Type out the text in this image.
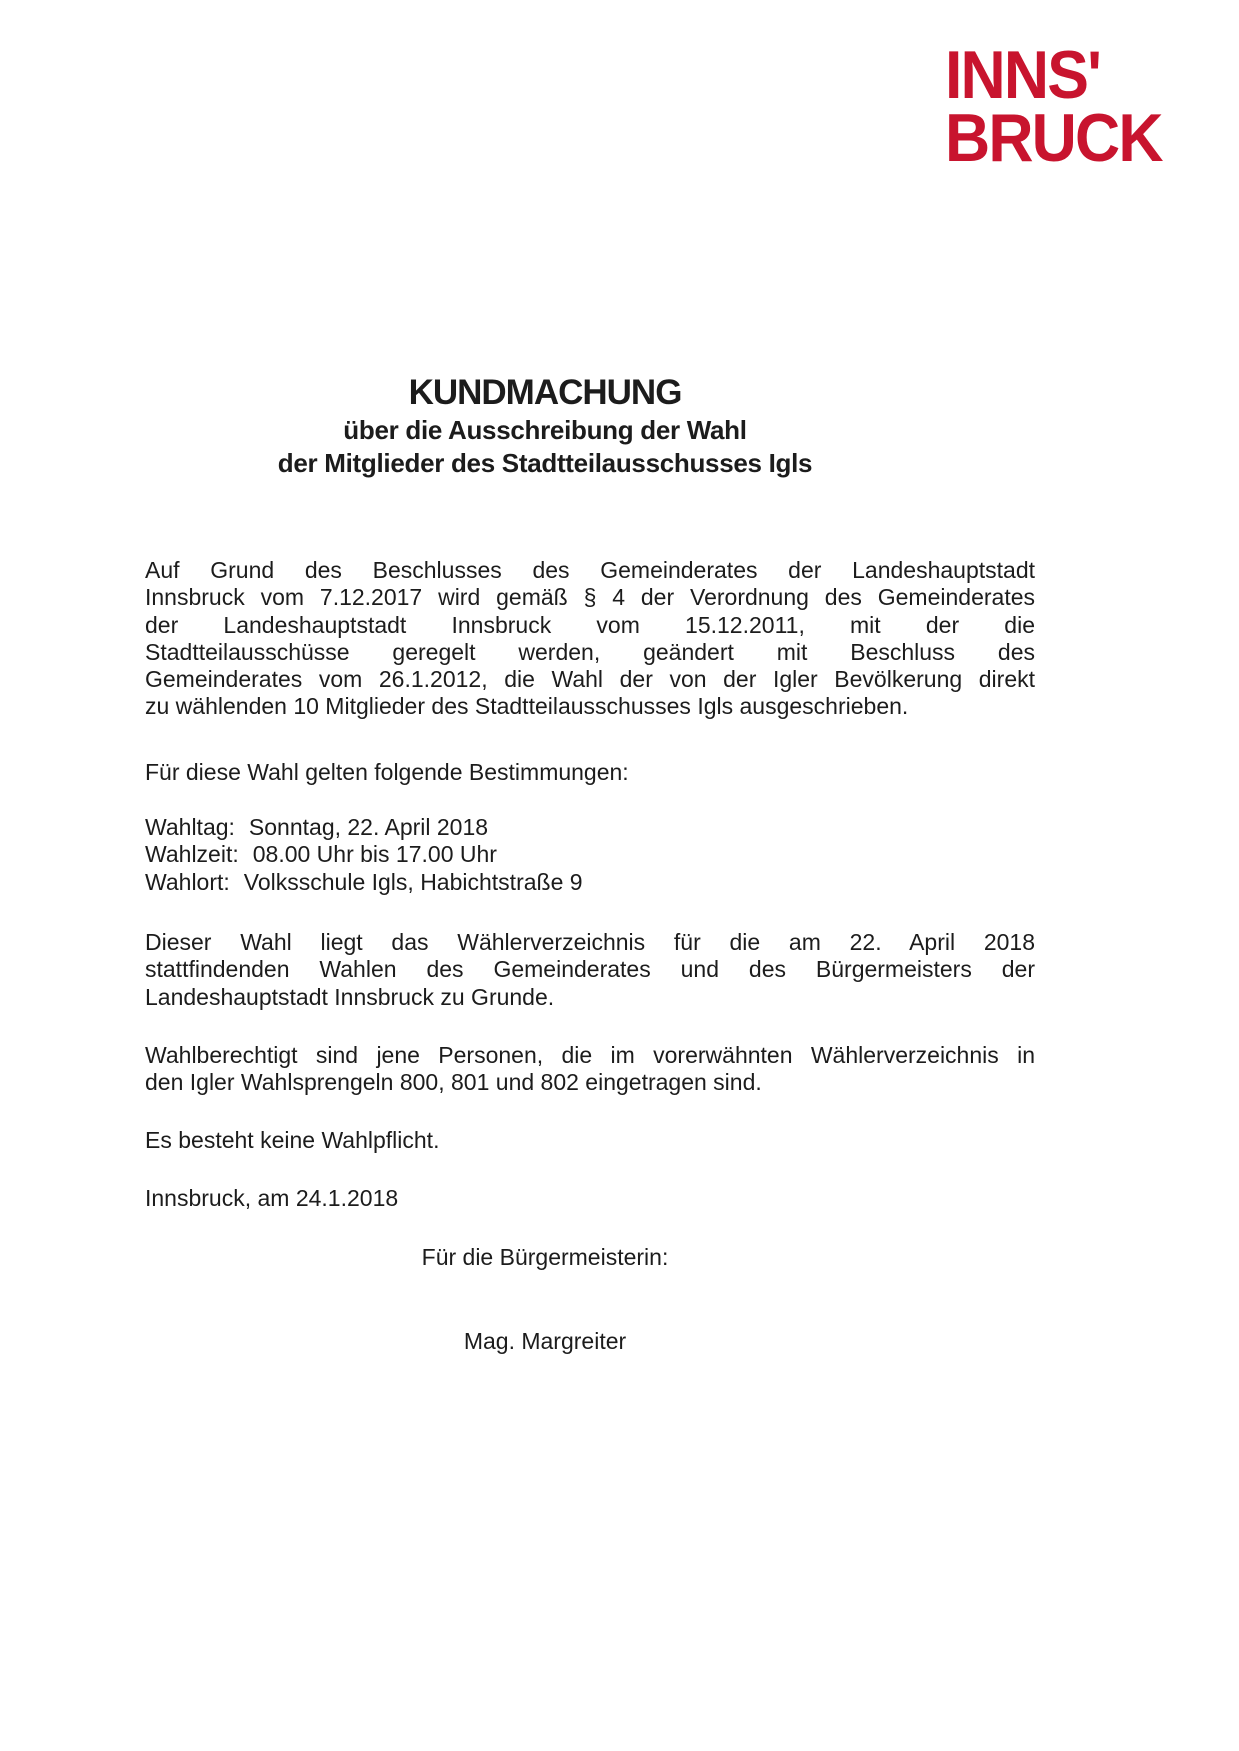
INNS'
BRUCK
KUNDMACHUNG
über die Ausschreibung der Wahl
der Mitglieder des Stadtteilausschusses Igls
Auf Grund des Beschlusses des Gemeinderates der Landeshauptstadt
Innsbruck vom 7.12.2017 wird gemäß § 4 der Verordnung des Gemeinderates
der Landeshauptstadt Innsbruck vom 15.12.2011, mit der die
Stadtteilausschüsse geregelt werden, geändert mit Beschluss des
Gemeinderates vom 26.1.2012, die Wahl der von der Igler Bevölkerung direkt
zu wählenden 10 Mitglieder des Stadtteilausschusses Igls ausgeschrieben.
Für diese Wahl gelten folgende Bestimmungen:
Wahltag: Sonntag, 22. April 2018
Wahlzeit: 08.00 Uhr bis 17.00 Uhr
Wahlort: Volksschule Igls, Habichtstraße 9
Dieser Wahl liegt das Wählerverzeichnis für die am 22. April 2018
stattfindenden Wahlen des Gemeinderates und des Bürgermeisters der
Landeshauptstadt Innsbruck zu Grunde.
Wahlberechtigt sind jene Personen, die im vorerwähnten Wählerverzeichnis in
den Igler Wahlsprengeln 800, 801 und 802 eingetragen sind.
Es besteht keine Wahlpflicht.
Innsbruck, am 24.1.2018
Für die Bürgermeisterin:
Mag. Margreiter
